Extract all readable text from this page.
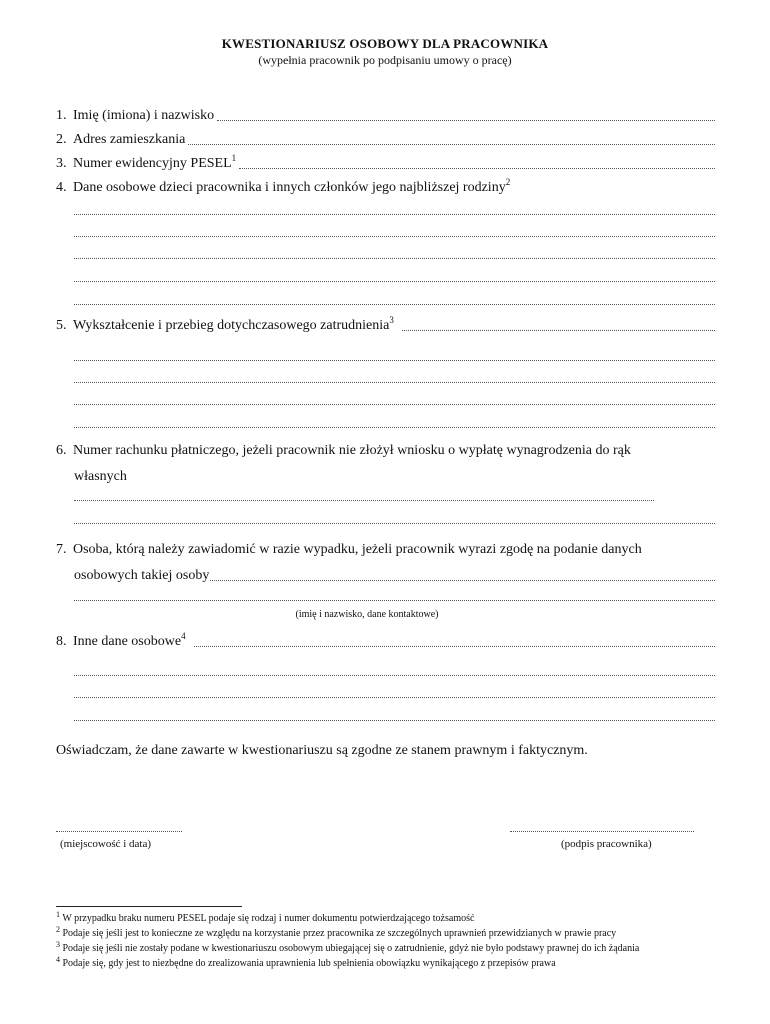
KWESTIONARIUSZ OSOBOWY DLA PRACOWNIKA
(wypełnia pracownik po podpisaniu umowy o pracę)
1. Imię (imiona) i nazwisko
2. Adres zamieszkania
3. Numer ewidencyjny PESEL$^1$
4. Dane osobowe dzieci pracownika i innych członków jego najbliższej rodziny$^2$
5. Wykształcenie i przebieg dotychczasowego zatrudnienia$^3$
6. Numer rachunku płatniczego, jeżeli pracownik nie złożył wniosku o wypłatę wynagrodzenia do rąk
własnych
7. Osoba, którą należy zawiadomić w razie wypadku, jeżeli pracownik wyrazi zgodę na podanie danych
osobowych takiej osoby
(imię i nazwisko, dane kontaktowe)
8. Inne dane osobowe$^4$
Oświadczam, że dane zawarte w kwestionariuszu są zgodne ze stanem prawnym i faktycznym.
(miejscowość i data)	(podpis pracownika)
$^1$ W przypadku braku numeru PESEL podaje się rodzaj i numer dokumentu potwierdzającego tożsamość
$^2$ Podaje się jeśli jest to konieczne ze względu na korzystanie przez pracownika ze szczególnych uprawnień przewidzianych w prawie pracy
$^3$ Podaje się jeśli nie zostały podane w kwestionariuszu osobowym ubiegającej się o zatrudnienie, gdyż nie było podstawy prawnej do ich żądania
$^4$ Podaje się, gdy jest to niezbędne do zrealizowania uprawnienia lub spełnienia obowiązku wynikającego z przepisów prawa
